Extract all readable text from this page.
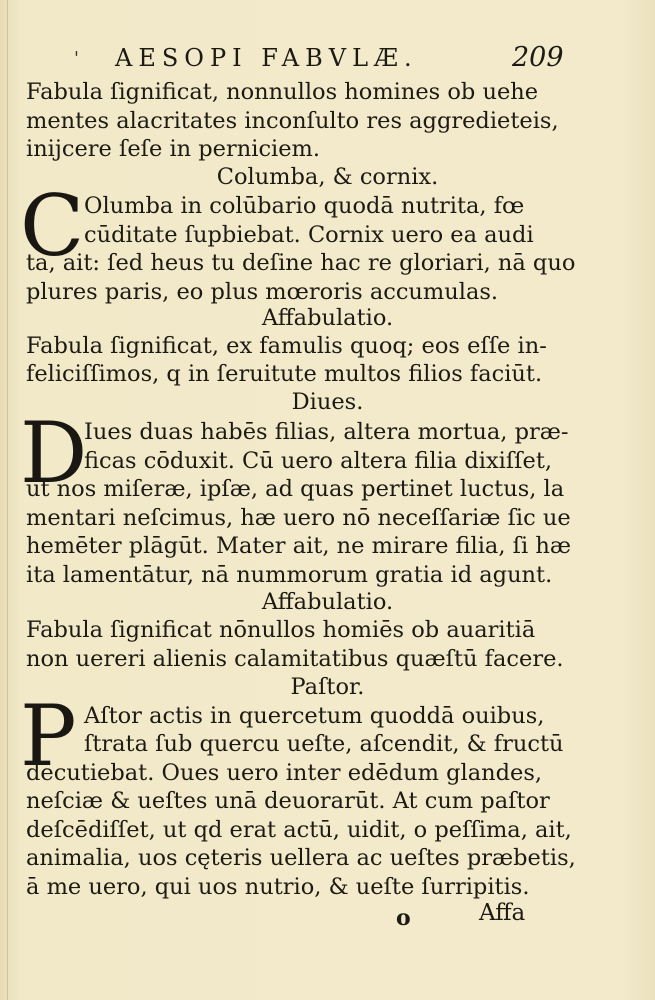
' AESOPI FABVLÆ.	209
Fabula ſignificat, nonnullos homines ob uehe
mentes alacritates inconſulto res aggredieteis,
inijcere ſeſe in perniciem.
Columba, & cornix.
C Olumba in colūbario quodā nutrita, fœ
cūditate ſupbiebat. Cornix uero ea audi
ta, ait: ſed heus tu deſine hac re gloriari, nā quo
plures paris, eo plus mœroris accumulas.
Affabulatio.
Fabula ſignificat, ex famulis quoq; eos eſſe in-
feliciſſimos, q in ſeruitute multos filios faciūt.
Diues.
D
Iues duas habēs filias, altera mortua, præ-
ficas cōduxit. Cū uero altera filia dixiſſet,
ut nos miſeræ, ipſæ, ad quas pertinet luctus, la
mentari neſcimus, hæ uero nō neceſſariæ ſic ue
hemēter plāgūt. Mater ait, ne mirare filia, ſi hæ
ita lamentātur, nā nummorum gratia id agunt.
Affabulatio.
Fabula ſignificat nōnullos homiēs ob auaritiā
non uereri alienis calamitatibus quæſtū facere.
Paſtor.
P Aſtor actis in quercetum quoddā ouibus,
ſtrata ſub quercu ueſte, aſcendit, & fructū
decutiebat. Oues uero inter edēdum glandes,
neſciæ & ueſtes unā deuorarūt. At cum paſtor
deſcēdiſſet, ut qd erat actū, uidit, o peſſima, ait,
animalia, uos cęteris uellera ac ueſtes præbetis,
ā me uero, qui uos nutrio, & ueſte ſurripitis.
o	Affa
